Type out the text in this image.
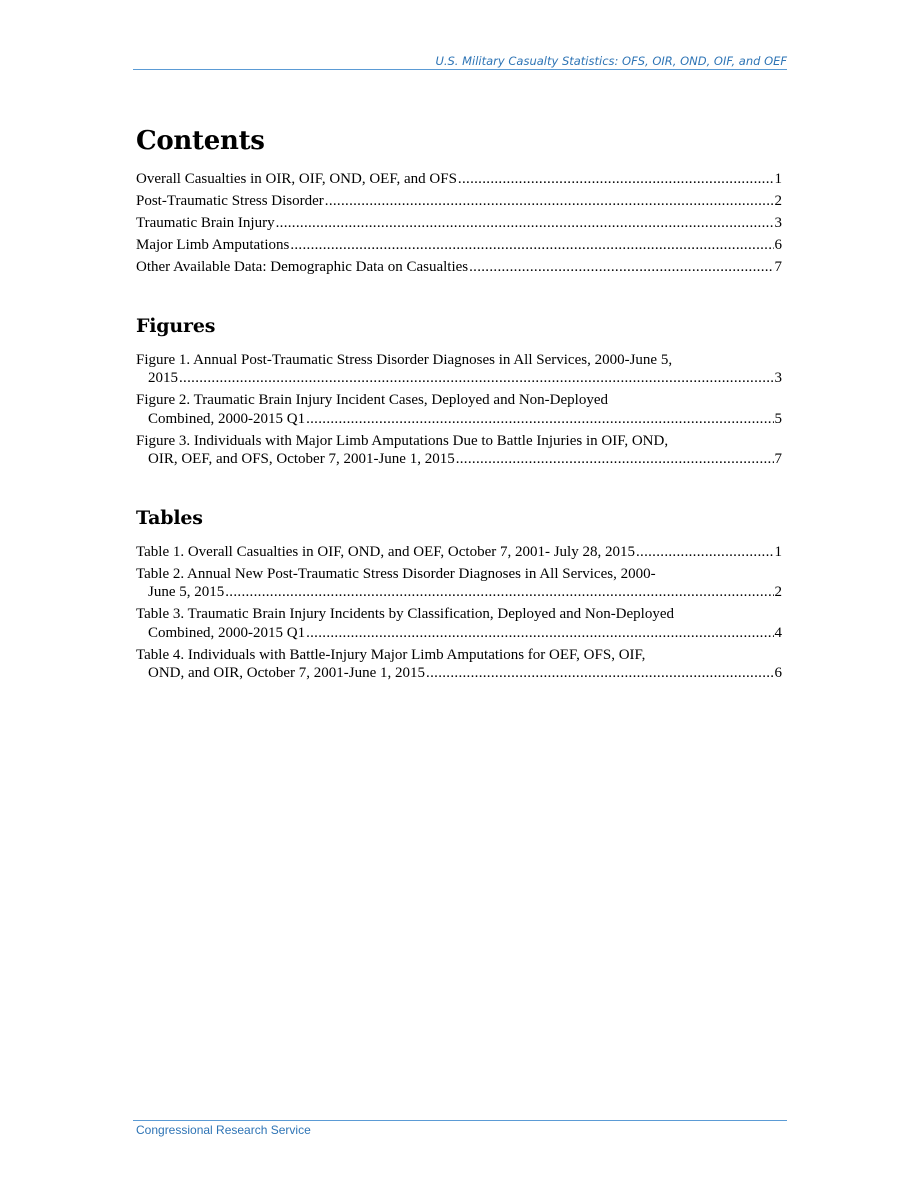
U.S. Military Casualty Statistics: OFS, OIR, OND, OIF, and OEF
Contents
Overall Casualties in OIR, OIF, OND, OEF, and OFS .....	1
Post-Traumatic Stress Disorder .....	2
Traumatic Brain Injury .....	3
Major Limb Amputations .....	6
Other Available Data: Demographic Data on Casualties .....	7
Figures
Figure 1. Annual Post-Traumatic Stress Disorder Diagnoses in All Services, 2000-June 5,
2015 .....	3
Figure 2. Traumatic Brain Injury Incident Cases, Deployed and Non-Deployed
Combined, 2000-2015 Q1 .....	5
Figure 3. Individuals with Major Limb Amputations Due to Battle Injuries in OIF, OND,
OIR, OEF, and OFS, October 7, 2001-June 1, 2015 .....	7
Tables
Table 1. Overall Casualties in OIF, OND, and OEF, October 7, 2001- July 28, 2015 .....	1
Table 2. Annual New Post-Traumatic Stress Disorder Diagnoses in All Services, 2000-
June 5, 2015 .....	2
Table 3. Traumatic Brain Injury Incidents by Classification, Deployed and Non-Deployed
Combined, 2000-2015 Q1 .....	4
Table 4. Individuals with Battle-Injury Major Limb Amputations for OEF, OFS, OIF,
OND, and OIR, October 7, 2001-June 1, 2015 .....	6
Congressional Research Service
